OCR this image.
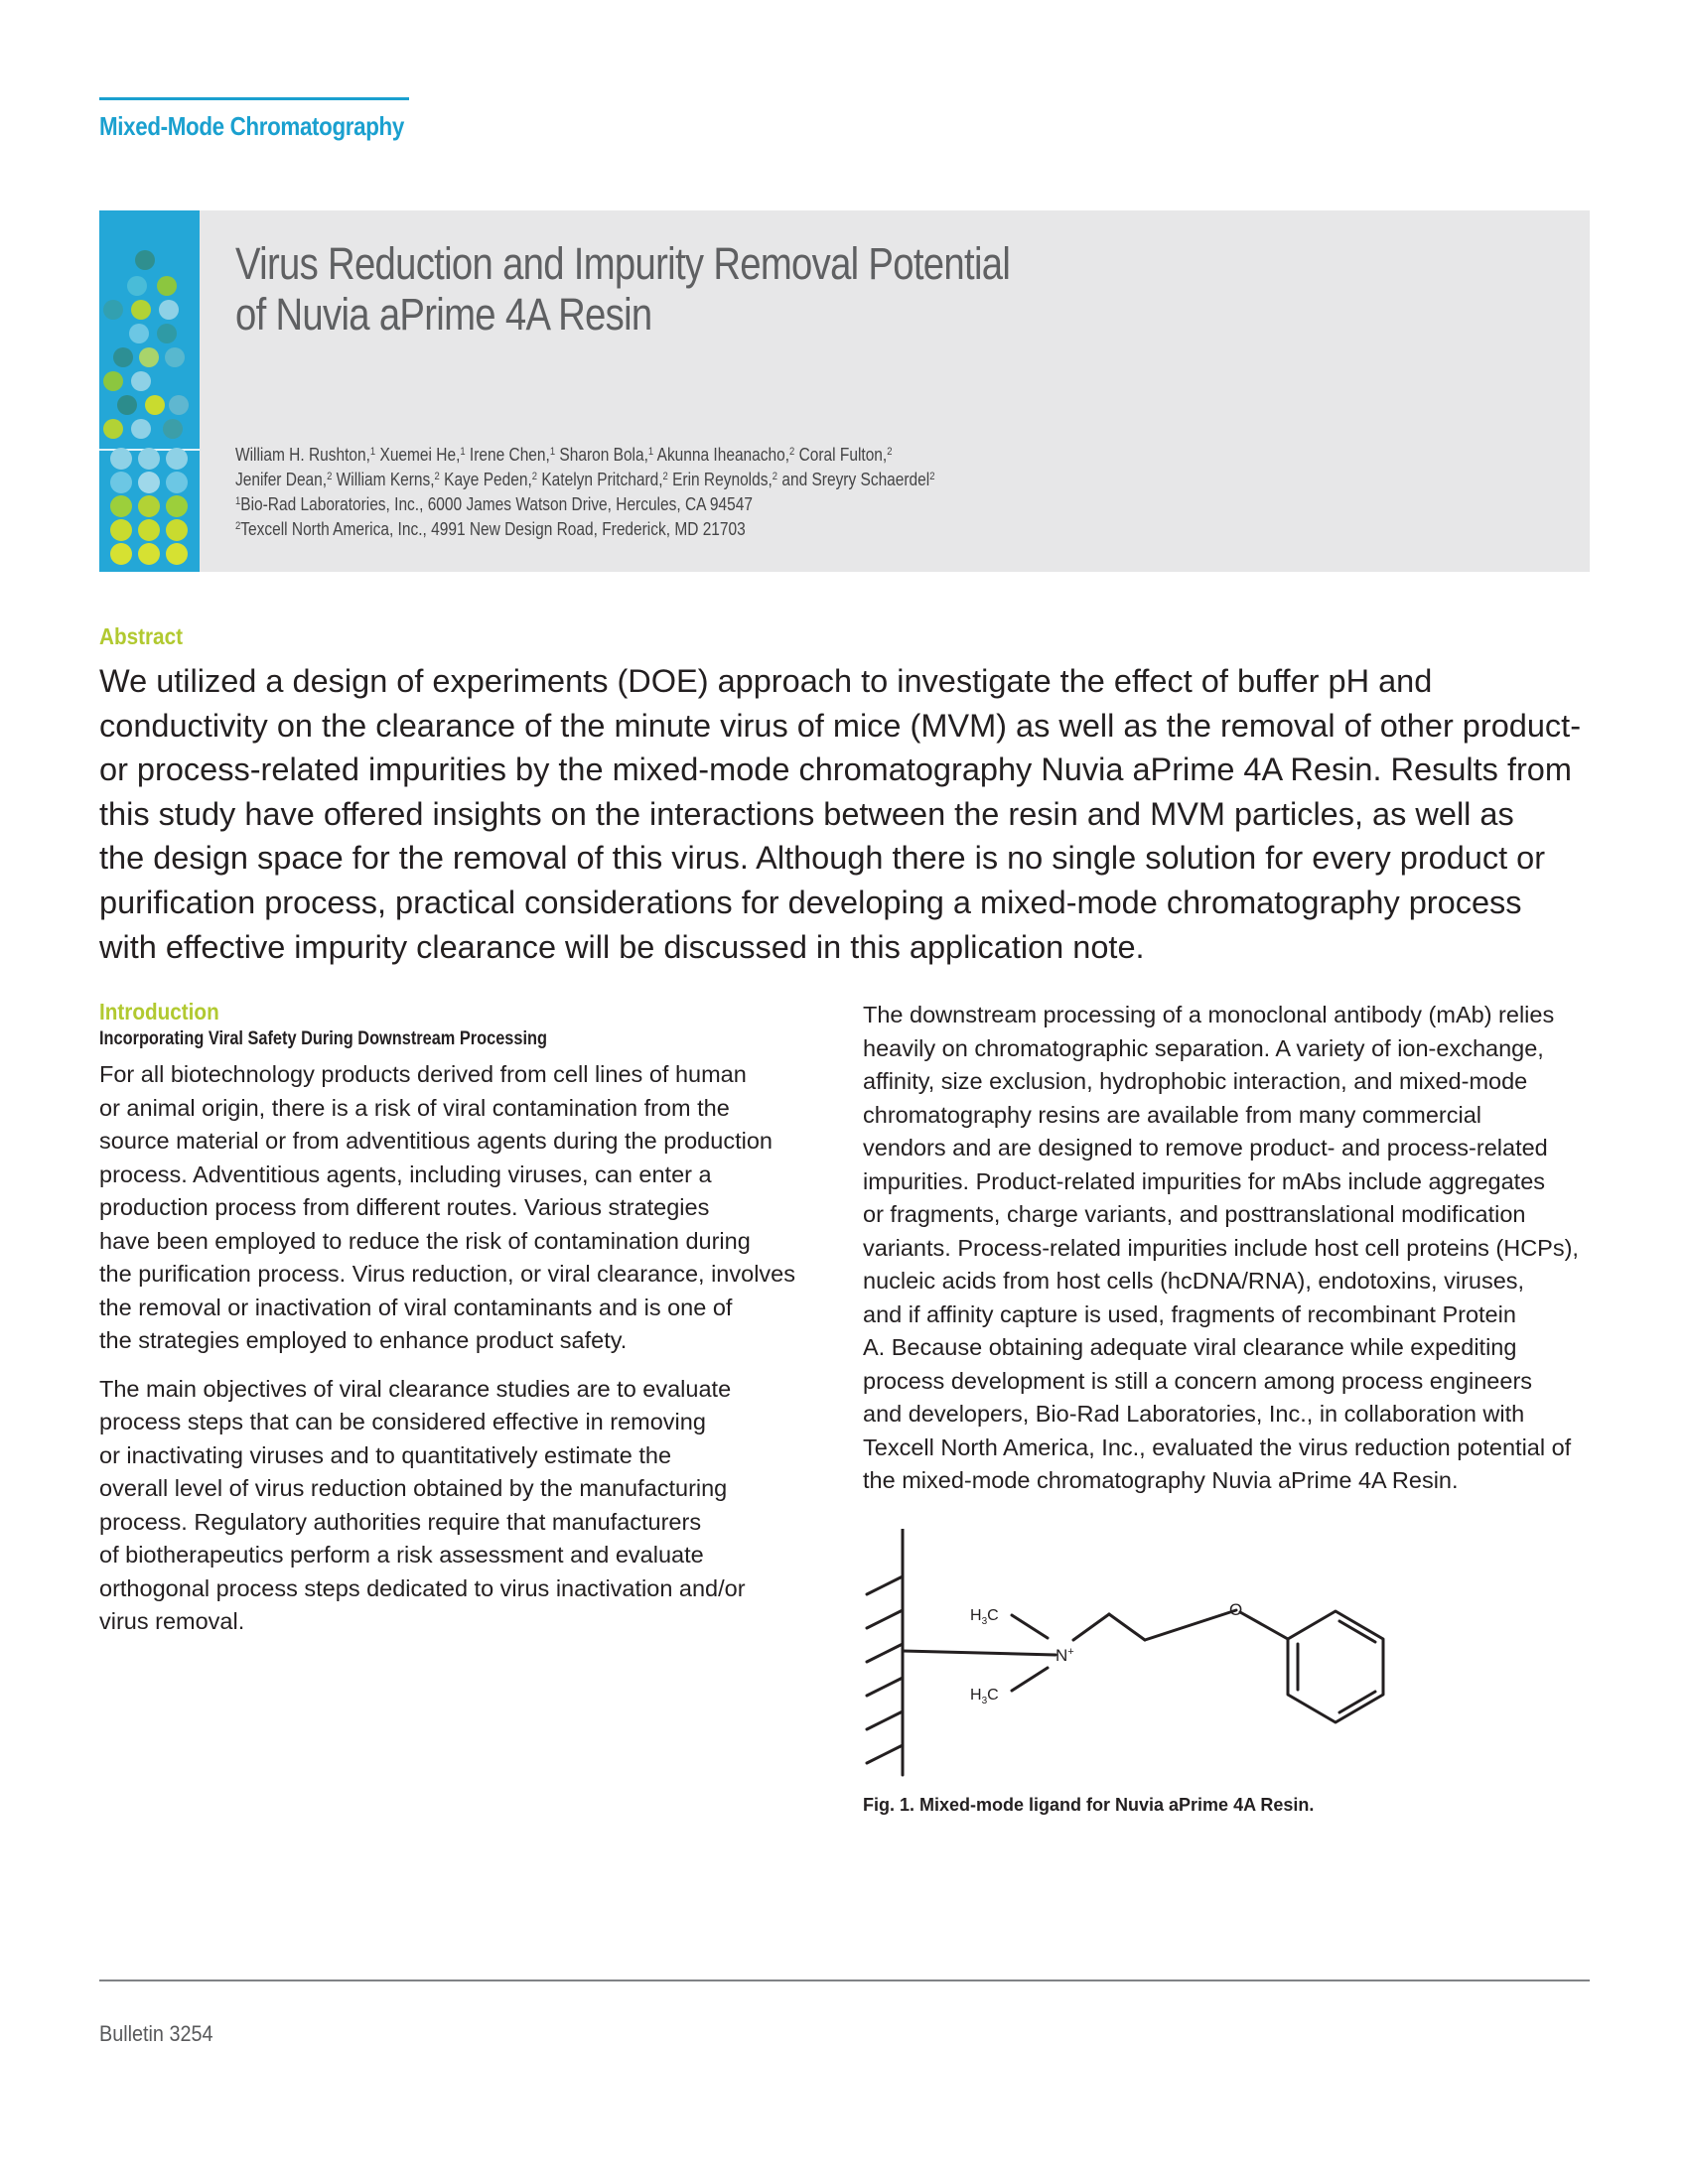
Mixed-Mode Chromatography
Virus Reduction and Impurity Removal Potential
of Nuvia aPrime 4A Resin
William H. Rushton,$^1$ Xuemei He,$^1$ Irene Chen,$^1$ Sharon Bola,$^1$ Akunna Iheanacho,$^2$ Coral Fulton,$^2$
Jenifer Dean,$^2$ William Kerns,$^2$ Kaye Peden,$^2$ Katelyn Pritchard,$^2$ Erin Reynolds,$^2$ and Sreyry Schaerdel$^2$
$^1$Bio-Rad Laboratories, Inc., 6000 James Watson Drive, Hercules, CA 94547
$^2$Texcell North America, Inc., 4991 New Design Road, Frederick, MD 21703
Abstract
We utilized a design of experiments (DOE) approach to investigate the effect of buffer pH and
conductivity on the clearance of the minute virus of mice (MVM) as well as the removal of other product-
or process-related impurities by the mixed-mode chromatography Nuvia aPrime 4A Resin. Results from
this study have offered insights on the interactions between the resin and MVM particles, as well as
the design space for the removal of this virus. Although there is no single solution for every product or
purification process, practical considerations for developing a mixed-mode chromatography process
with effective impurity clearance will be discussed in this application note.
Introduction
Incorporating Viral Safety During Downstream Processing
For all biotechnology products derived from cell lines of human
or animal origin, there is a risk of viral contamination from the
source material or from adventitious agents during the production
process. Adventitious agents, including viruses, can enter a
production process from different routes. Various strategies
have been employed to reduce the risk of contamination during
the purification process. Virus reduction, or viral clearance, involves
the removal or inactivation of viral contaminants and is one of
the strategies employed to enhance product safety.
The main objectives of viral clearance studies are to evaluate
process steps that can be considered effective in removing
or inactivating viruses and to quantitatively estimate the
overall level of virus reduction obtained by the manufacturing
process. Regulatory authorities require that manufacturers
of biotherapeutics perform a risk assessment and evaluate
orthogonal process steps dedicated to virus inactivation and/or
virus removal.
The downstream processing of a monoclonal antibody (mAb) relies
heavily on chromatographic separation. A variety of ion-exchange,
affinity, size exclusion, hydrophobic interaction, and mixed-mode
chromatography resins are available from many commercial
vendors and are designed to remove product- and process-related
impurities. Product-related impurities for mAbs include aggregates
or fragments, charge variants, and posttranslational modification
variants. Process-related impurities include host cell proteins (HCPs),
nucleic acids from host cells (hcDNA/RNA), endotoxins, viruses,
and if affinity capture is used, fragments of recombinant Protein
A. Because obtaining adequate viral clearance while expediting
process development is still a concern among process engineers
and developers, Bio-Rad Laboratories, Inc., in collaboration with
Texcell North America, Inc., evaluated the virus reduction potential of
the mixed-mode chromatography Nuvia aPrime 4A Resin.
$H_3C$
$H_3C$
N+
O
Fig. 1. Mixed-mode ligand for Nuvia aPrime 4A Resin.
Bulletin 3254
